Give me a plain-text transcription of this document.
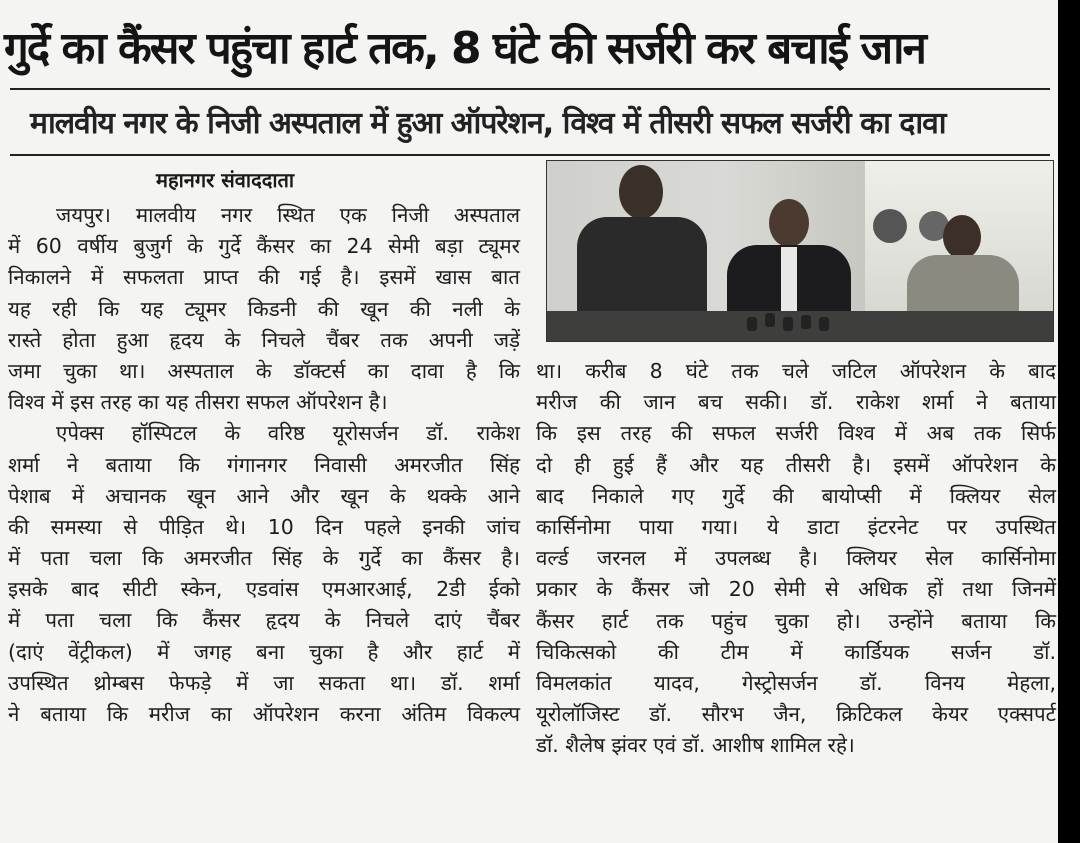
गुर्दे का कैंसर पहुंचा हार्ट तक, 8 घंटे की सर्जरी कर बचाई जान
मालवीय नगर के निजी अस्पताल में हुआ ऑपरेशन, विश्व में तीसरी सफल सर्जरी का दावा
महानगर संवाददाता
जयपुर। मालवीय नगर स्थित एक निजी अस्पताल
में 60 वर्षीय बुजुर्ग के गुर्दे कैंसर का 24 सेमी बड़ा ट्यूमर
निकालने में सफलता प्राप्त की गई है। इसमें खास बात
यह रही कि यह ट्यूमर किडनी की खून की नली के
रास्ते होता हुआ हृदय के निचले चैंबर तक अपनी जड़ें
जमा चुका था। अस्पताल के डॉक्टर्स का दावा है कि
विश्व में इस तरह का यह तीसरा सफल ऑपरेशन है।
एपेक्स हॉस्पिटल के वरिष्ठ यूरोसर्जन डॉ. राकेश
शर्मा ने बताया कि गंगानगर निवासी अमरजीत सिंह
पेशाब में अचानक खून आने और खून के थक्के आने
की समस्या से पीड़ित थे। 10 दिन पहले इनकी जांच
में पता चला कि अमरजीत सिंह के गुर्दे का कैंसर है।
इसके बाद सीटी स्केन, एडवांस एमआरआई, 2डी ईको
में पता चला कि कैंसर हृदय के निचले दाएं चैंबर
(दाएं वेंट्रीकल) में जगह बना चुका है और हार्ट में
उपस्थित थ्रोम्बस फेफड़े में जा सकता था। डॉ. शर्मा
ने बताया कि मरीज का ऑपरेशन करना अंतिम विकल्प
था। करीब 8 घंटे तक चले जटिल ऑपरेशन के बाद
मरीज की जान बच सकी। डॉ. राकेश शर्मा ने बताया
कि इस तरह की सफल सर्जरी विश्व में अब तक सिर्फ
दो ही हुई हैं और यह तीसरी है। इसमें ऑपरेशन के
बाद निकाले गए गुर्दे की बायोप्सी में क्लियर सेल
कार्सिनोमा पाया गया। ये डाटा इंटरनेट पर उपस्थित
वर्ल्ड जरनल में उपलब्ध है। क्लियर सेल कार्सिनोमा
प्रकार के कैंसर जो 20 सेमी से अधिक हों तथा जिनमें
कैंसर हार्ट तक पहुंच चुका हो। उन्होंने बताया कि
चिकित्सको की टीम में कार्डियक सर्जन डॉ.
विमलकांत यादव, गेस्ट्रोसर्जन डॉ. विनय मेहला,
यूरोलॉजिस्ट डॉ. सौरभ जैन, क्रिटिकल केयर एक्सपर्ट
डॉ. शैलेष झंवर एवं डॉ. आशीष शामिल रहे।
